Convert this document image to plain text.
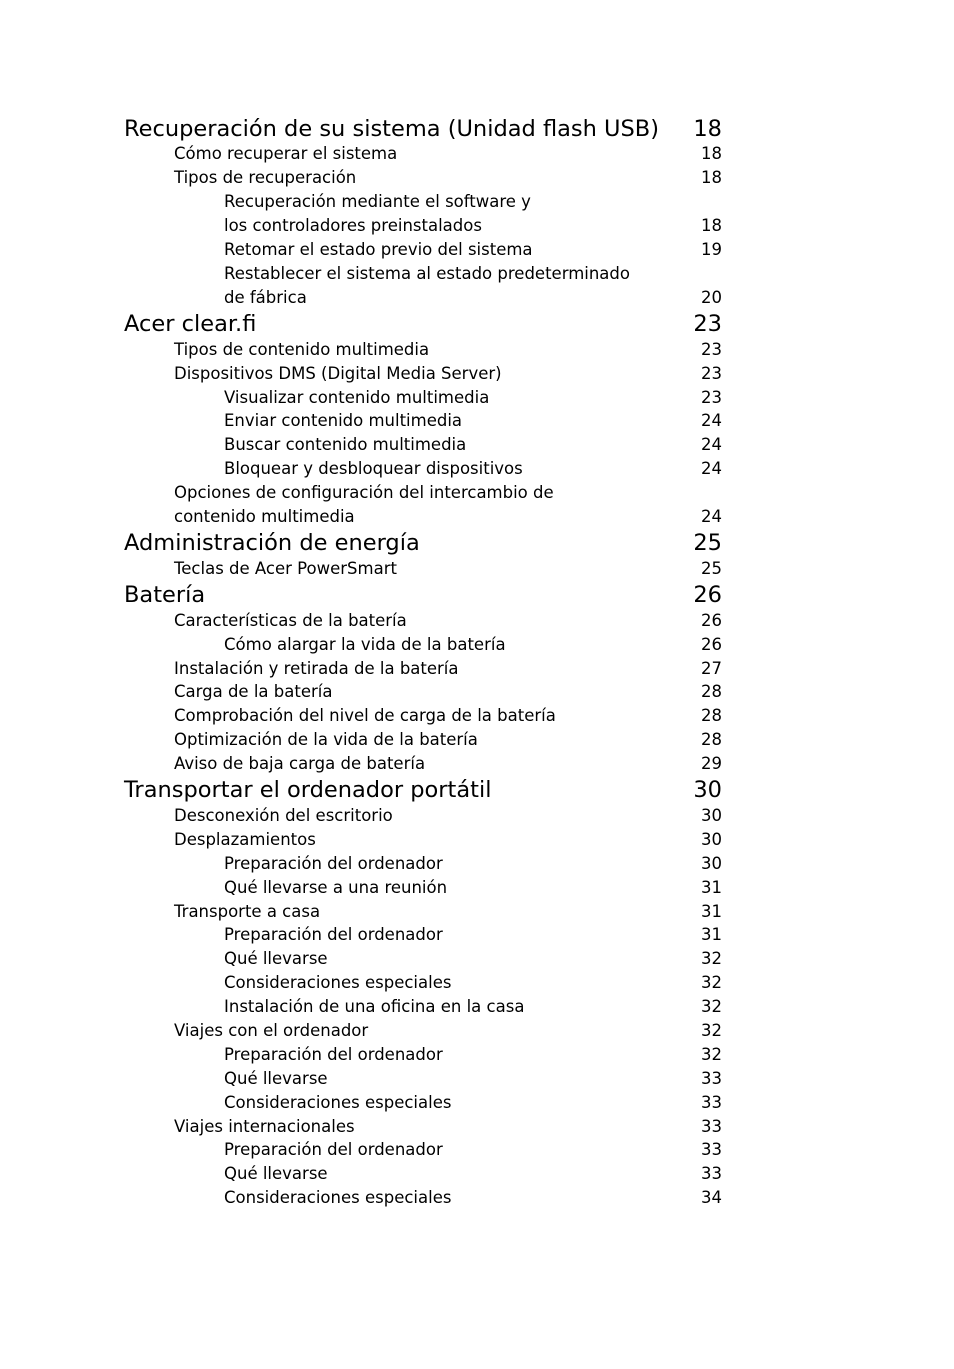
Recuperación de su sistema (Unidad flash USB) 18
Cómo recuperar el sistema	18
Tipos de recuperación	18
Recuperación mediante el software y
los controladores preinstalados	18
Retomar el estado previo del sistema	19
Restablecer el sistema al estado predeterminado
de fábrica	20
Acer clear.fi	23
Tipos de contenido multimedia	23
Dispositivos DMS (Digital Media Server)	23
Visualizar contenido multimedia	23
Enviar contenido multimedia	24
Buscar contenido multimedia	24
Bloquear y desbloquear dispositivos	24
Opciones de configuración del intercambio de
contenido multimedia	24
Administración de energía	25
Teclas de Acer PowerSmart	25
Batería	26
Características de la batería	26
Cómo alargar la vida de la batería	26
Instalación y retirada de la batería	27
Carga de la batería	28
Comprobación del nivel de carga de la batería	28
Optimización de la vida de la batería	28
Aviso de baja carga de batería	29
Transportar el ordenador portátil	30
Desconexión del escritorio	30
Desplazamientos	30
Preparación del ordenador	30
Qué llevarse a una reunión	31
Transporte a casa	31
Preparación del ordenador	31
Qué llevarse	32
Consideraciones especiales	32
Instalación de una oficina en la casa	32
Viajes con el ordenador	32
Preparación del ordenador	32
Qué llevarse	33
Consideraciones especiales	33
Viajes internacionales	33
Preparación del ordenador	33
Qué llevarse	33
Consideraciones especiales	34
